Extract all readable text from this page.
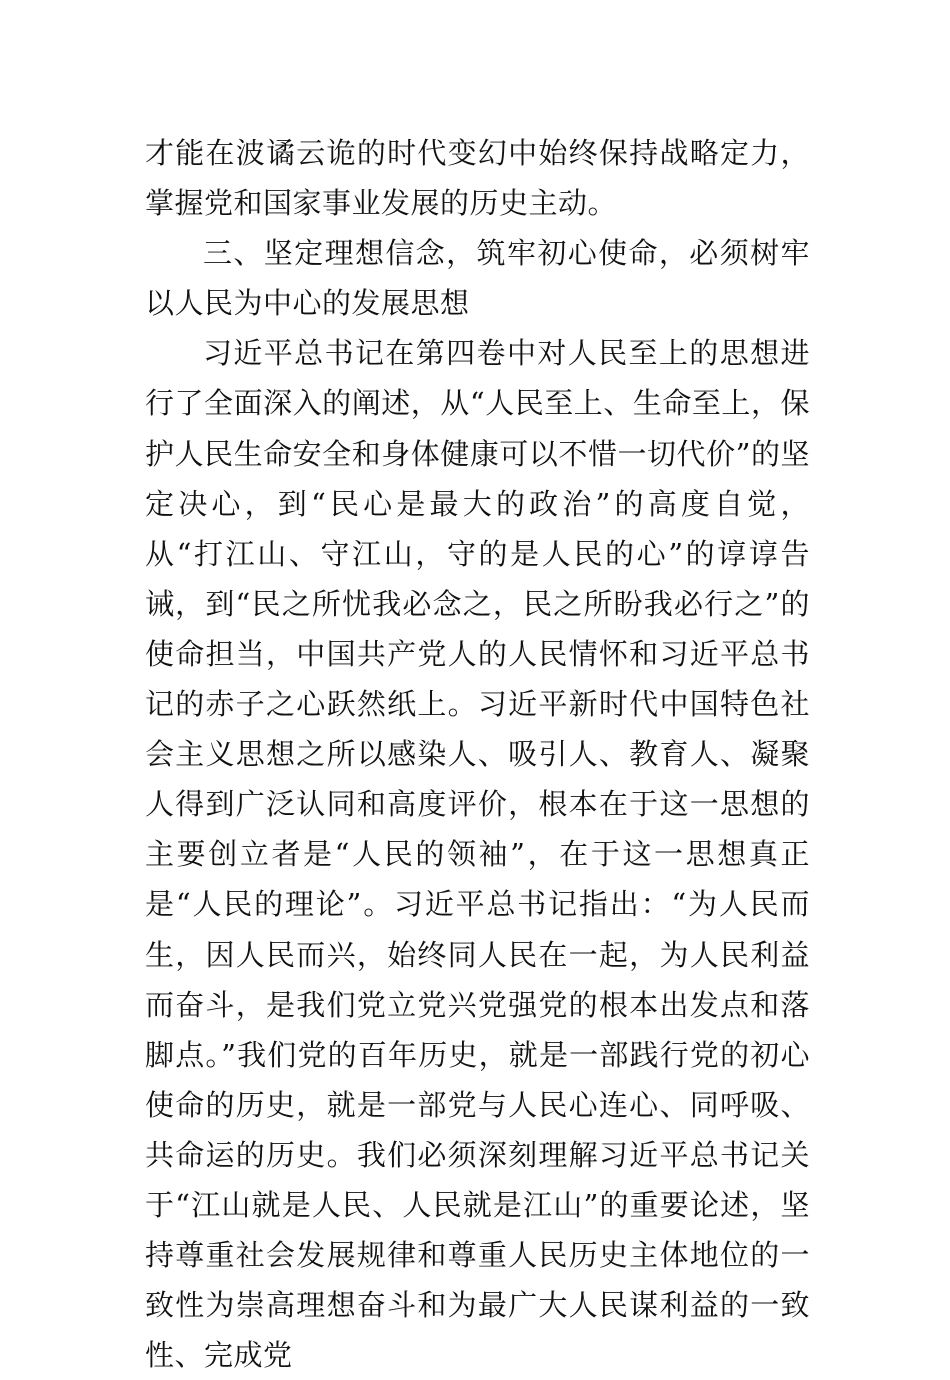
才能在波谲云诡的时代变幻中始终保持战略定力，掌握党和国家事业发展的历史主动。

三、坚定理想信念，筑牢初心使命，必须树牢以人民为中心的发展思想

习近平总书记在第四卷中对人民至上的思想进行了全面深入的阐述，从“人民至上、生命至上，保护人民生命安全和身体健康可以不惜一切代价”的坚定决心，到“民心是最大的政治”的高度自觉，从“打江山、守江山，守的是人民的心”的谆谆告诫，到“民之所忧我必念之，民之所盼我必行之”的使命担当，中国共产党人的人民情怀和习近平总书记的赤子之心跃然纸上。习近平新时代中国特色社会主义思想之所以感染人、吸引人、教育人、凝聚人得到广泛认同和高度评价，根本在于这一思想的主要创立者是“人民的领袖”，在于这一思想真正是“人民的理论”。习近平总书记指出：“为人民而生，因人民而兴，始终同人民在一起，为人民利益而奋斗，是我们党立党兴党强党的根本出发点和落脚点。”我们党的百年历史，就是一部践行党的初心使命的历史，就是一部党与人民心连心、同呼吸、共命运的历史。我们必须深刻理解习近平总书记关于“江山就是人民、人民就是江山”的重要论述，坚持尊重社会发展规律和尊重人民历史主体地位的一致性为崇高理想奋斗和为最广大人民谋利益的一致性、完成党
